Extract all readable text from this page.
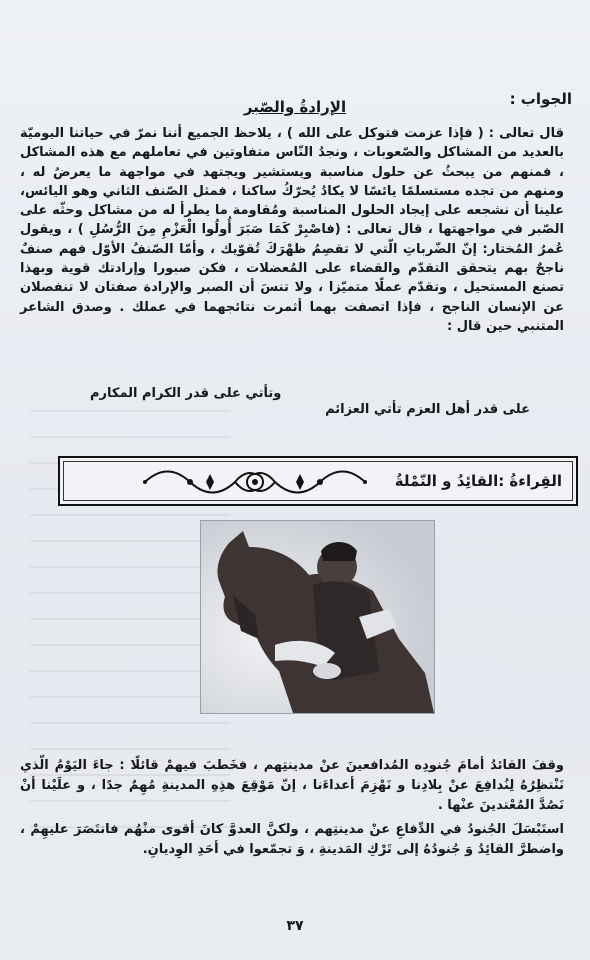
الجواب :
الإرادةُ والصّبر

قال تعالى : ( فإذا عزمت فتوكل على الله ) ، يلاحظ الجميع أننا نمرّ في حياتنا اليوميّة بالعديد من المشاكل والصّعوبات ، ونجدُ النّاس متفاوتين في تعاملهم مع هذه المشاكل ، فمنهم من يبحثُ عن حلول مناسبة ويستشير ويجتهد في مواجهة ما يعرضُ له ، ومنهم من تجده مستسلمًا يائسًا لا يكادُ يُحرّكُ ساكنا ، فمثل الصّنف الثاني وهو اليائس، علينا أن نشجعه على إيجاد الحلول المناسبة ومُقاومة ما يطرأ له من مشاكل وحثّه على الصّبر في مواجهتها ، قال تعالى : (فاصْبِرْ كَمَا صَبَرَ أُولُوا الْعَزْمِ مِنَ الرُّسُلِ ) ، ويقول عُمرُ المُختار: إنّ الضّرباتِ الّتي لا تقصِمُ ظهْرَكَ تُقوّيك ، وأمّا الصّنفُ الأوّل فهم صنفٌ ناجحٌ بهم يتحقق التقدّم والقضاء على المُعضلات ، فكن صبورا وإرادتك قوية وبهذا تصنع المستحيل ، وتقدّم عملًا متميّزا ، ولا تنسَ أن الصبر والإرادة صفتان لا تنفصلان عن الإنسان الناجح ، فإذا اتصفت بهما أثمرت نتائجهما في عملك . وصدق الشاعر المتنبي حين قال :

على قدر أهل العزم تأتي العزائم
وتأتي على قدر الكرام المكارم
القِراءةُ :القائِدُ و النّمْلةُ

وقفَ القائدُ أمامَ جُنودِه المُدافعينَ عنْ مدينتِهم ، فخَطبَ فيهمْ قائلًا : جاءَ اليَوْمُ الّذي نَنْتظِرُهُ لِنُدافِعَ عنْ بِلادِنا و نَهْزِمَ أعداءَنا ، إنّ مَوْقِعَ هذِهِ المدينةِ مُهِمٌ جدًا ، و علَيْنا أنْ نَصُدَّ المُعْتدينَ عنْها .

استَبْسَلَ الجُنودُ في الدِّفاعِ عنْ مدينتِهم ، ولكنَّ العدوَّ كانَ أقوى منْهُم فانتَصَرَ عليهِمْ ، واضطرَّ القائِدُ وَ جُنودُهُ إلى تَرْكِ المَدينةِ ، وَ تجمّعوا في أحَدِ الوِديانِ.

٣٧
